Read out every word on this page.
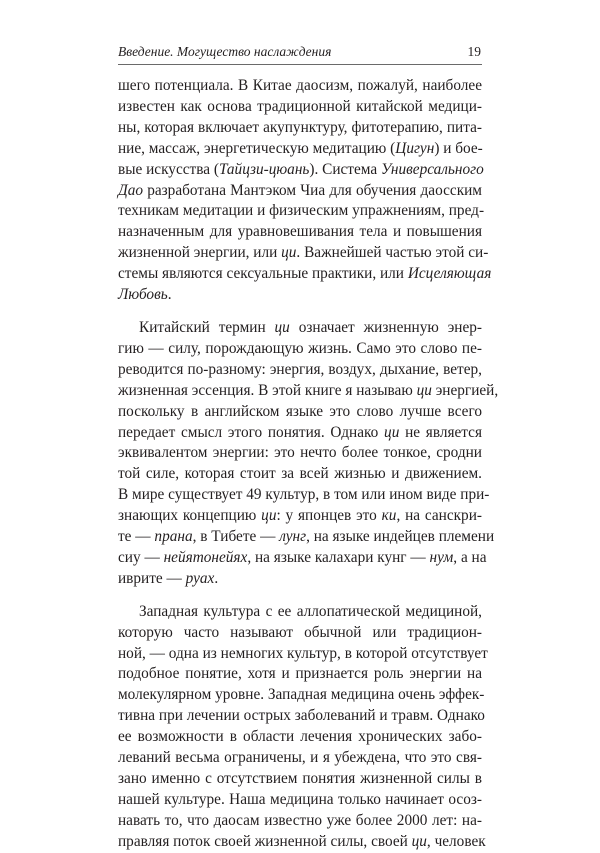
Введение. Могущество наслаждения	19
шего потенциала. В Китае даосизм, пожалуй, наиболее
известен как основа традиционной китайской медици-
ны, которая включает акупунктуру, фитотерапию, пита-
ние, массаж, энергетическую медитацию (Цигун) и бое-
вые искусства (Тайцзи-цюань). Система Универсального
Дао разработана Мантэком Чиа для обучения даосским
техникам медитации и физическим упражнениям, пред-
назначенным для уравновешивания тела и повышения
жизненной энергии, или ци. Важнейшей частью этой си-
стемы являются сексуальные практики, или Исцеляющая
Любовь.
Китайский термин ци означает жизненную энер-
гию — силу, порождающую жизнь. Само это слово пе-
реводится по-разному: энергия, воздух, дыхание, ветер,
жизненная эссенция. В этой книге я называю ци энергией,
поскольку в английском языке это слово лучше всего
передает смысл этого понятия. Однако ци не является
эквивалентом энергии: это нечто более тонкое, сродни
той силе, которая стоит за всей жизнью и движением.
В мире существует 49 культур, в том или ином виде при-
знающих концепцию ци: у японцев это ки, на санскри-
те — прана, в Тибете — лунг, на языке индейцев племени
сиу — нейятонейях, на языке калахари кунг — нум, а на
иврите — руах.
Западная культура с ее аллопатической медициной,
которую часто называют обычной или традицион-
ной, — одна из немногих культур, в которой отсутствует
подобное понятие, хотя и признается роль энергии на
молекулярном уровне. Западная медицина очень эффек-
тивна при лечении острых заболеваний и травм. Однако
ее возможности в области лечения хронических забо-
леваний весьма ограничены, и я убеждена, что это свя-
зано именно с отсутствием понятия жизненной силы в
нашей культуре. Наша медицина только начинает осоз-
навать то, что даосам известно уже более 2000 лет: на-
правляя поток своей жизненной силы, своей ци, человек
